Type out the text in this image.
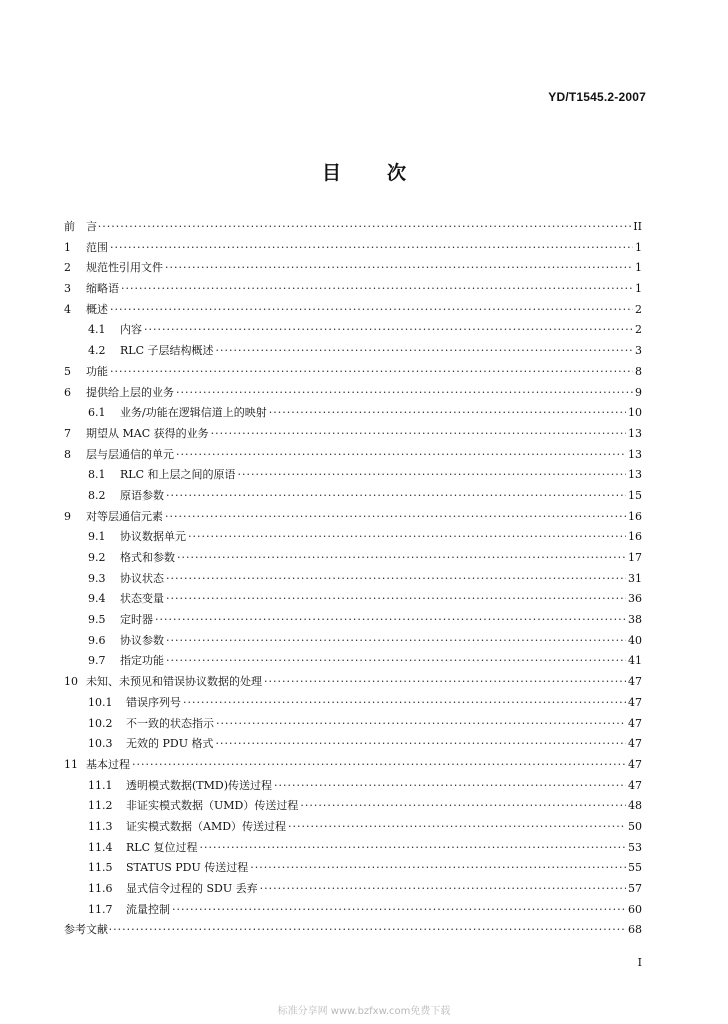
YD/T1545.2-2007
目 次
前　言 ·····	II
1	范围 ·····	1
2	规范性引用文件 ·····	1
3	缩略语 ·····	1
4	概述 ·····	2
4.1	内容 ·····	2
4.2	RLC 子层结构概述 ·····	3
5	功能 ·····	8
6	提供给上层的业务 ·····	9
6.1	业务/功能在逻辑信道上的映射 ·····	10
7	期望从 MAC 获得的业务 ·····	13
8	层与层通信的单元 ·····	13
8.1	RLC 和上层之间的原语 ·····	13
8.2	原语参数 ·····	15
9	对等层通信元素 ·····	16
9.1	协议数据单元 ·····	16
9.2	格式和参数 ·····	17
9.3	协议状态 ·····	31
9.4	状态变量 ·····	36
9.5	定时器 ·····	38
9.6	协议参数 ·····	40
9.7	指定功能 ·····	41
10 未知、未预见和错误协议数据的处理 ·····	47
10.1	错误序列号 ·····	47
10.2	不一致的状态指示 ·····	47
10.3	无效的 PDU 格式 ·····	47
11 基本过程 ·····	47
11.1	透明模式数据(TMD)传送过程 ·····	47
11.2	非证实模式数据（UMD）传送过程 ·····	48
11.3	证实模式数据（AMD）传送过程 ·····	50
11.4	RLC 复位过程 ·····	53
11.5	STATUS PDU 传送过程 ·····	55
11.6	显式信令过程的 SDU 丢弃 ·····	57
11.7	流量控制 ·····	60
参考文献 ·····	68
I
标准分享网 www.bzfxw.com免费下载
